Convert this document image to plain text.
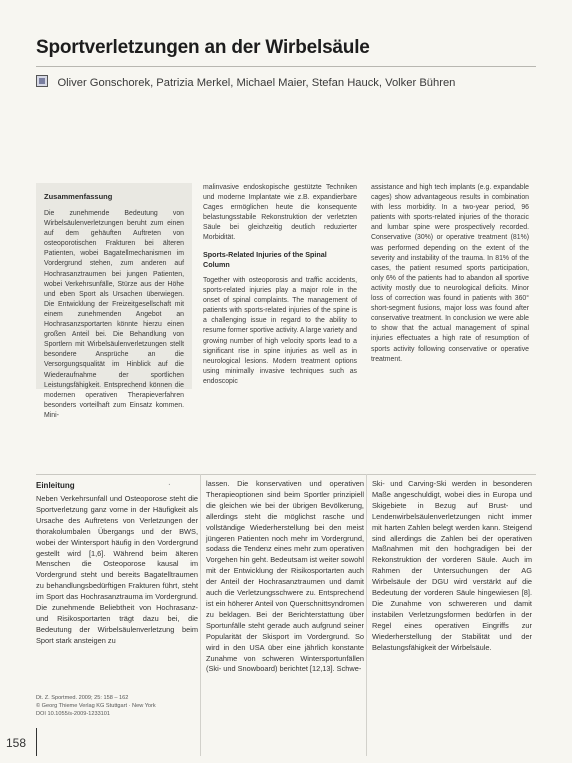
Sportverletzungen an der Wirbelsäule
Oliver Gonschorek, Patrizia Merkel, Michael Maier, Stefan Hauck, Volker Bühren
Zusammenfassung
Die zunehmende Bedeutung von Wirbelsäulenverletzungen beruht zum einen auf dem gehäuften Auftreten von osteoporotischen Frakturen bei älteren Patienten, wobei Bagatellmechanismen im Vordergrund stehen, zum anderen auf Hochrasanztraumen bei jungen Patienten, wobei Verkehrsunfälle, Stürze aus der Höhe und eben Sport als Ursachen überwiegen. Die Entwicklung der Freizeitgesellschaft mit einem zunehmenden Angebot an Hochrasanzsportarten könnte hierzu einen großen Anteil bei. Die Behandlung von Sportlern mit Wirbelsäulenverletzungen stellt besondere Ansprüche an die Versorgungsqualität im Hinblick auf die Wiederaufnahme der sportlichen Leistungsfähigkeit. Entsprechend können die modernen operativen Therapieverfahren besonders vorteilhaft zum Einsatz kommen. Mini-
malinvasive endoskopische gestützte Techniken und moderne Implantate wie z.B. expandierbare Cages ermöglichen heute die konsequente belastungsstabile Rekonstruktion der verletzten Säule bei gleichzeitig deutlich reduzierter Morbidität.
Sports-Related Injuries of the Spinal Column
Together with osteoporosis and traffic accidents, sports-related injuries play a major role in the onset of spinal complaints. The management of patients with sports-related injuries of the spine is a challenging issue in regard to the ability to resume former sportive activity. A large variety and growing number of high velocity sports lead to a significant rise in spine injuries as well as in neurological lesions. Modern treatment options using minimally invasive techniques such as endoscopic
assistance and high tech implants (e.g. expandable cages) show advantageous results in combination with less morbidity. In a two-year period, 96 patients with sports-related injuries of the thoracic and lumbar spine were prospectively recorded. Conservative (30%) or operative treatment (81%) was performed depending on the extent of the severity and instability of the trauma. In 81% of the cases, the patient resumed sports participation, only 6% of the patients had to abandon all sportive activity mostly due to neurological deficits. Minor loss of correction was found in patients with 360° short-segment fusions, major loss was found after conservative treatment. In conclusion we were able to show that the actual management of spinal injuries effectuates a high rate of resumption of sports activity following conservative or operative treatment.
.
Einleitung
Neben Verkehrsunfall und Osteoporose steht die Sportverletzung ganz vorne in der Häufigkeit als Ursache des Auftretens von Verletzungen der thorakolumbalen Übergangs und der BWS, wobei der Wintersport häufig in den Vordergrund gestellt wird [1,6]. Während beim älteren Menschen die Osteoporose kausal im Vordergrund steht und bereits Bagatelltraumen zu behandlungsbedürftigen Frakturen führt, steht im Sport das Hochrasanztrauma im Vordergrund. Die zunehmende Beliebtheit von Hochrasanz- und Risikosportarten trägt dazu bei, die Bedeutung der Wirbelsäulenverletzung beim Sport stark ansteigen zu
lassen. Die konservativen und operativen Therapieoptionen sind beim Sportler prinzipiell die gleichen wie bei der übrigen Bevölkerung, allerdings steht die möglichst rasche und vollständige Wiederherstellung bei den meist jüngeren Patienten noch mehr im Vordergrund, sodass die Tendenz eines mehr zum operativen Vorgehen hin geht. Bedeutsam ist weiter sowohl mit der Entwicklung der Risikosportarten auch der Anteil der Hochrasanztraumen und damit auch die Verletzungsschwere zu. Entsprechend ist ein höherer Anteil von Querschnittsyndromen zu beklagen. Bei der Berichterstattung über Sportunfälle steht gerade auch aufgrund seiner Popularität der Skisport im Vordergrund. So wird in den USA über eine jährlich konstante Zunahme von schweren Wintersportunfällen (Ski- und Snowboard) berichtet [12,13]. Schwe-
Ski- und Carving-Ski werden in besonderen Maße angeschuldigt, wobei dies in Europa und Skigebiete in Bezug auf Brust- und Lendenwirbelsäulenverletzungen nicht immer mit harten Zahlen belegt werden kann. Steigend sind allerdings die Zahlen bei der operativen Maßnahmen mit den hochgradigen bei der Rekonstruktion der vorderen Säule. Auch im Rahmen der Untersuchungen der AG Wirbelsäule der DGU wird verstärkt auf die Bedeutung der vorderen Säule hingewiesen [8]. Die Zunahme von schwereren und damit instabilen Verletzungsformen bedürfen in der Regel eines operativen Eingriffs zur Wiederherstellung der Stabilität und der Belastungsfähigkeit der Wirbelsäule.
Dt. Z. Sportmed. 2009; 25: 158 – 162
© Georg Thieme Verlag KG Stuttgart · New York
DOI 10.1055/s-2009-1233101
158
